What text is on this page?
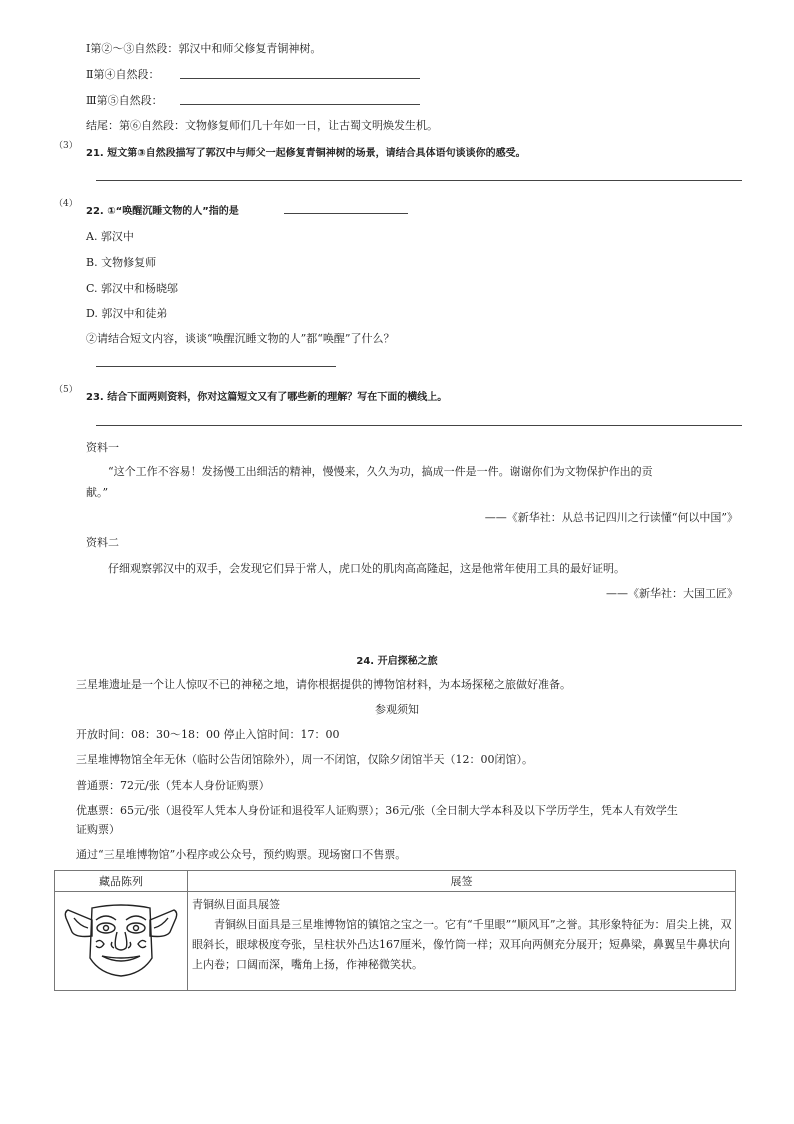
Ⅰ第②～③自然段：郭汉中和师父修复青铜神树。
Ⅱ第④自然段：
Ⅲ第⑤自然段：
结尾：第⑥自然段：文物修复师们几十年如一日，让古蜀文明焕发生机。
（3）
21. 短文第③自然段描写了郭汉中与师父一起修复青铜神树的场景，请结合具体语句谈谈你的感受。
（4）
22. ①“唤醒沉睡文物的人”指的是
A. 郭汉中
B. 文物修复师
C. 郭汉中和杨晓邬
D. 郭汉中和徒弟
②请结合短文内容，谈谈“唤醒沉睡文物的人”都“唤醒”了什么？
（5）
23. 结合下面两则资料，你对这篇短文又有了哪些新的理解？写在下面的横线上。
资料一
“这个工作不容易！发扬慢工出细活的精神，慢慢来，久久为功，搞成一件是一件。谢谢你们为文物保护作出的贡
献。”
——《新华社：从总书记四川之行读懂“何以中国”》
资料二
仔细观察郭汉中的双手，会发现它们异于常人，虎口处的肌肉高高隆起，这是他常年使用工具的最好证明。
——《新华社：大国工匠》
24. 开启探秘之旅
三星堆遗址是一个让人惊叹不已的神秘之地，请你根据提供的博物馆材料，为本场探秘之旅做好准备。
参观须知
开放时间：08：30～18：00 停止入馆时间：17：00
三星堆博物馆全年无休（临时公告闭馆除外），周一不闭馆，仅除夕闭馆半天（12：00闭馆）。
普通票：72元/张（凭本人身份证购票）
优惠票：65元/张（退役军人凭本人身份证和退役军人证购票）；36元/张（全日制大学本科及以下学历学生，凭本人有效学生
证购票）
通过“三星堆博物馆”小程序或公众号，预约购票。现场窗口不售票。
藏品陈列	展签

青铜纵目面具展签
青铜纵目面具是三星堆博物馆的镇馆之宝之一。它有“千里眼”“顺风耳”之誉。其形象特征为：眉尖上挑，双眼斜长，眼球极度夸张，呈柱状外凸达167厘米，像竹筒一样；双耳向两侧充分展开；短鼻梁，鼻翼呈牛鼻状向上内卷；口阔而深，嘴角上扬，作神秘微笑状。
